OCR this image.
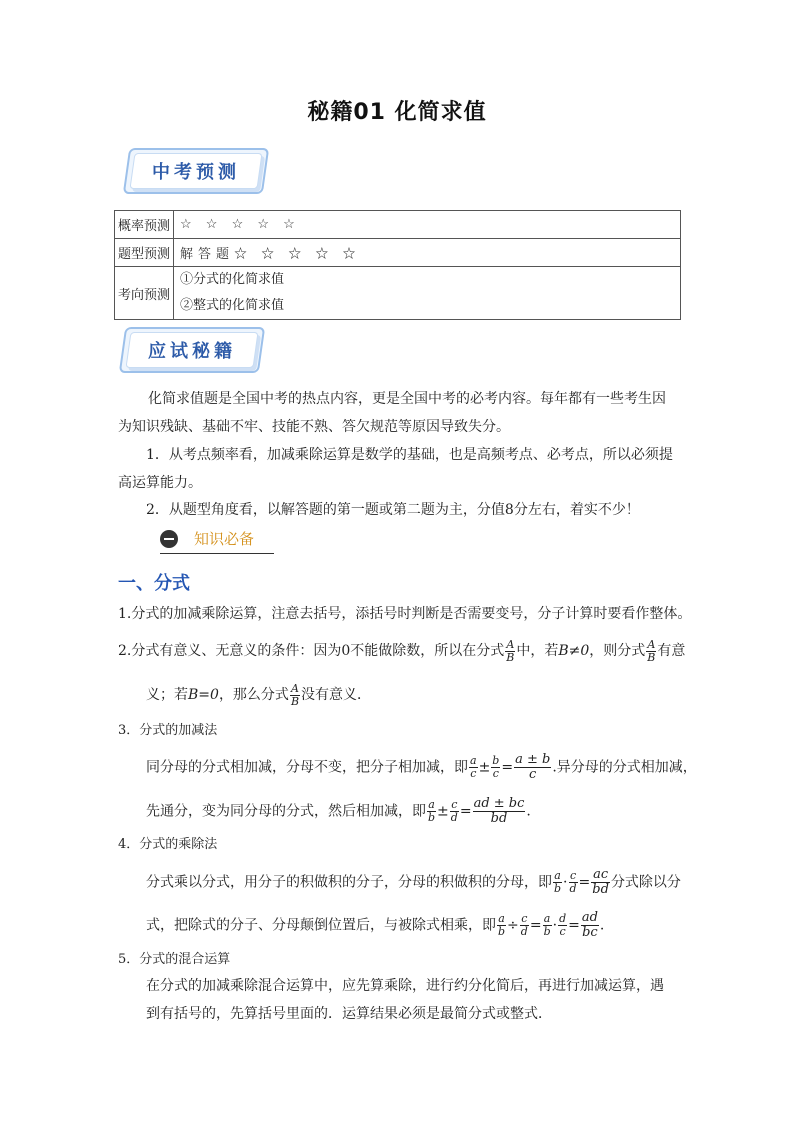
秘籍01 化简求值
中考预测
概率预测	☆ ☆ ☆ ☆ ☆
题型预测	解答题☆ ☆ ☆ ☆ ☆
考向预测	①分式的化简求值
②整式的化简求值
应试秘籍
化简求值题是全国中考的热点内容，更是全国中考的必考内容。每年都有一些考生因为知识残缺、基础不牢、技能不熟、答欠规范等原因导致失分。
1．从考点频率看，加减乘除运算是数学的基础，也是高频考点、必考点，所以必须提高运算能力。
2．从题型角度看，以解答题的第一题或第二题为主，分值8分左右，着实不少！
知识必备
一、分式
1.分式的加减乘除运算，注意去括号，添括号时判断是否需要变号，分子计算时要看作整体。
2.分式有意义、无意义的条件：因为0不能做除数，所以在分式 $\frac{A}{B}$ 中，若B≠0，则分式 $\frac{A}{B}$ 有意
义；若B=0，那么分式 $\frac{A}{B}$ 没有意义．
3．分式的加减法
同分母的分式相加减，分母不变，把分子相加减，即 $\frac{a}{c} \pm \frac{b}{c} = \frac{a \pm b}{c}$ .异分母的分式相加减，
先通分，变为同分母的分式，然后相加减，即 $\frac{a}{b} \pm \frac{c}{d} = \frac{ad \pm bc}{bd}$ .
4．分式的乘除法
分式乘以分式，用分子的积做积的分子，分母的积做积的分母，即 $\frac{a}{b} \cdot \frac{c}{d} = \frac{ac}{bd}$ 分式除以分
式，把除式的分子、分母颠倒位置后，与被除式相乘，即 $\frac{a}{b} \div \frac{c}{d} = \frac{a}{b} \cdot \frac{d}{c} = \frac{ad}{bc}$ .
5．分式的混合运算
在分式的加减乘除混合运算中，应先算乘除，进行约分化简后，再进行加减运算，遇到有括号的，先算括号里面的．运算结果必须是最简分式或整式．
